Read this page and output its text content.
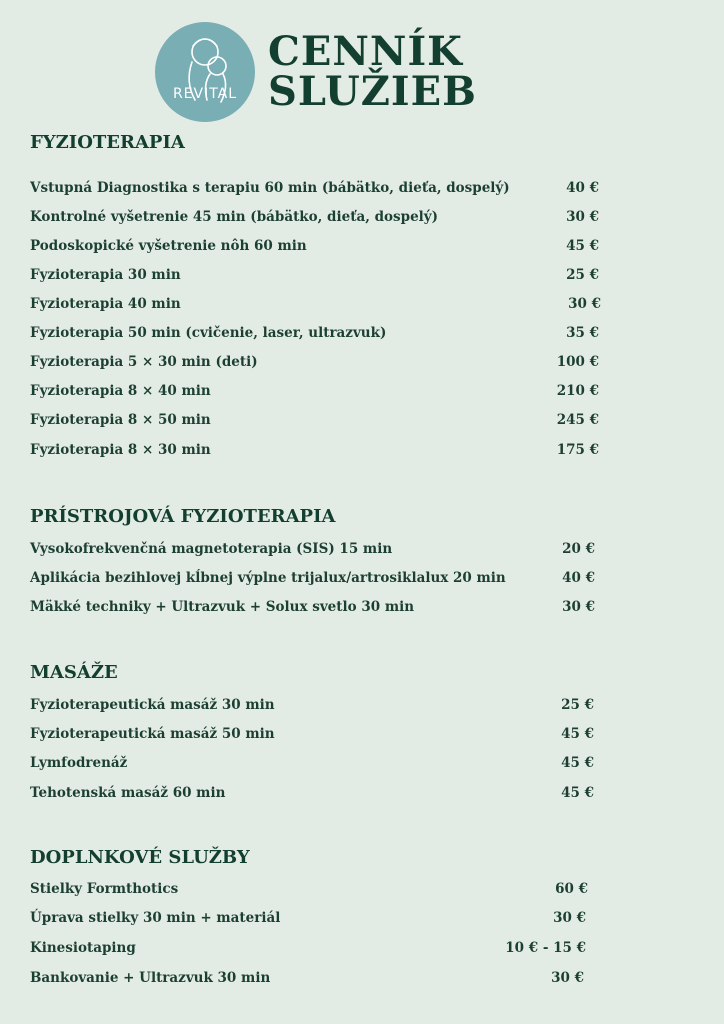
REVITAL
CENNÍK
SLUŽIEB
FYZIOTERAPIA
Vstupná Diagnostika s terapiu 60 min (bábätko, dieťa, dospelý)	40 €
Kontrolné vyšetrenie 45 min (bábätko, dieťa, dospelý)	30 €
Podoskopické vyšetrenie nôh 60 min	45 €
Fyzioterapia 30 min	25 €
Fyzioterapia 40 min	30 €
Fyzioterapia 50 min (cvičenie, laser, ultrazvuk)	35 €
Fyzioterapia 5 × 30 min (deti)	100 €
Fyzioterapia 8 × 40 min	210 €
Fyzioterapia 8 × 50 min	245 €
Fyzioterapia 8 × 30 min	175 €
PRÍSTROJOVÁ FYZIOTERAPIA
Vysokofrekvenčná magnetoterapia (SIS) 15 min	20 €
Aplikácia bezihlovej kĺbnej výplne trijalux/artrosiklalux 20 min	40 €
Mäkké techniky + Ultrazvuk + Solux svetlo 30 min	30 €
MASÁŽE
Fyzioterapeutická masáž 30 min	25 €
Fyzioterapeutická masáž 50 min	45 €
Lymfodrenáž	45 €
Tehotenská masáž 60 min	45 €
DOPLNKOVÉ SLUŽBY
Stielky Formthotics	60 €
Úprava stielky 30 min + materiál	30 €
Kinesiotaping	10 € - 15 €
Bankovanie + Ultrazvuk 30 min	30 €
